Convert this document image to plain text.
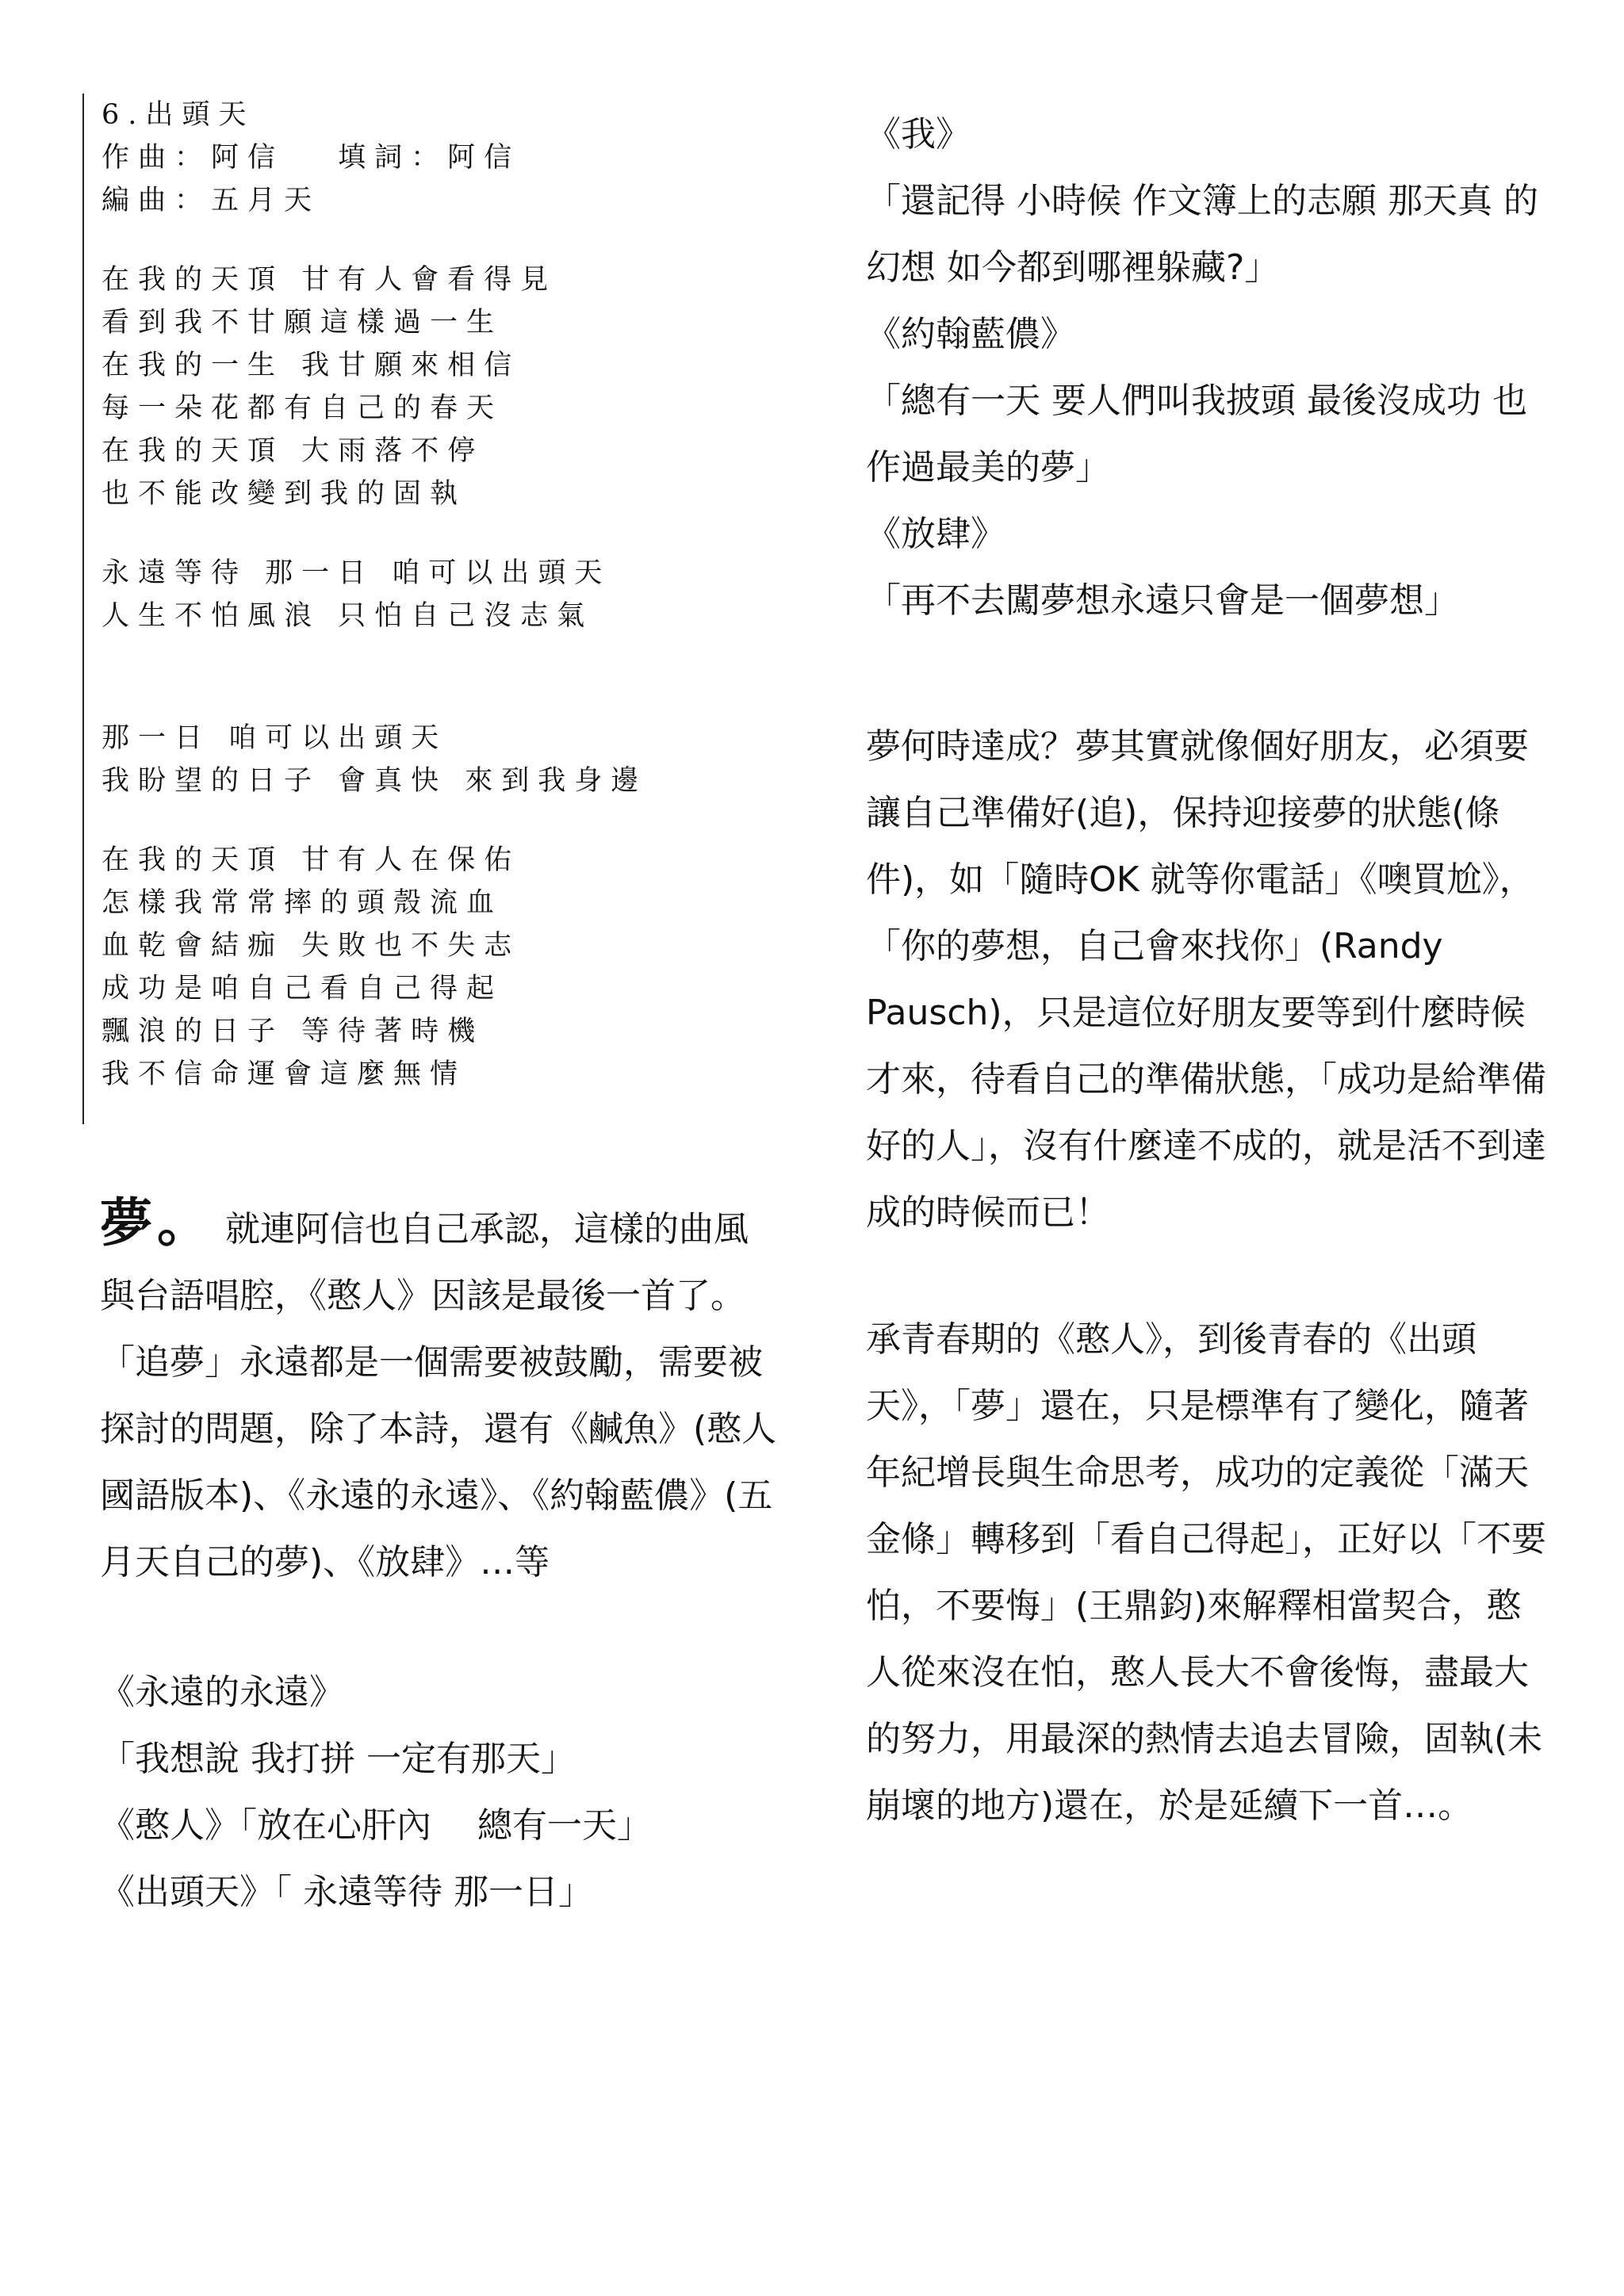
6.出頭天
作曲：阿信　 填詞：阿信
編曲：五月天
在我的天頂 甘有人會看得見
看到我不甘願這樣過一生
在我的一生 我甘願來相信
每一朵花都有自己的春天
在我的天頂 大雨落不停
也不能改變到我的固執
永遠等待 那一日 咱可以出頭天
人生不怕風浪 只怕自己沒志氣
那一日 咱可以出頭天
我盼望的日子 會真快 來到我身邊
在我的天頂 甘有人在保佑
怎樣我常常摔的頭殼流血
血乾會結痂 失敗也不失志
成功是咱自己看自己得起
飄浪的日子 等待著時機
我不信命運會這麼無情

夢。 就連阿信也自己承認，這樣的曲風與台語唱腔，《憨人》因該是最後一首了。「追夢」永遠都是一個需要被鼓勵，需要被探討的問題，除了本詩，還有《鹹魚》(憨人國語版本)、《永遠的永遠》、《約翰藍儂》(五月天自己的夢)、《放肆》…等

《永遠的永遠》
「我想說 我打拼 一定有那天」
《憨人》「放在心肝內　 總有一天」
《出頭天》「 永遠等待 那一日」
《我》

「還記得 小時候 作文簿上的志願 那天真 的幻想 如今都到哪裡躲藏?」

《約翰藍儂》

「總有一天 要人們叫我披頭 最後沒成功 也作過最美的夢」

《放肆》

「再不去闖夢想永遠只會是一個夢想」

夢何時達成？夢其實就像個好朋友，必須要讓自己準備好(追)，保持迎接夢的狀態(條件)，如「隨時OK 就等你電話」《噢買尬》，「你的夢想，自己會來找你」(Randy Pausch)，只是這位好朋友要等到什麼時候才來，待看自己的準備狀態，「成功是給準備好的人」，沒有什麼達不成的，就是活不到達成的時候而已！

承青春期的《憨人》，到後青春的《出頭天》，「夢」還在，只是標準有了變化，隨著年紀增長與生命思考，成功的定義從「滿天金條」轉移到「看自己得起」，正好以「不要怕，不要悔」(王鼎鈞)來解釋相當契合，憨人從來沒在怕，憨人長大不會後悔，盡最大的努力，用最深的熱情去追去冒險，固執(未崩壞的地方)還在，於是延續下一首…。
